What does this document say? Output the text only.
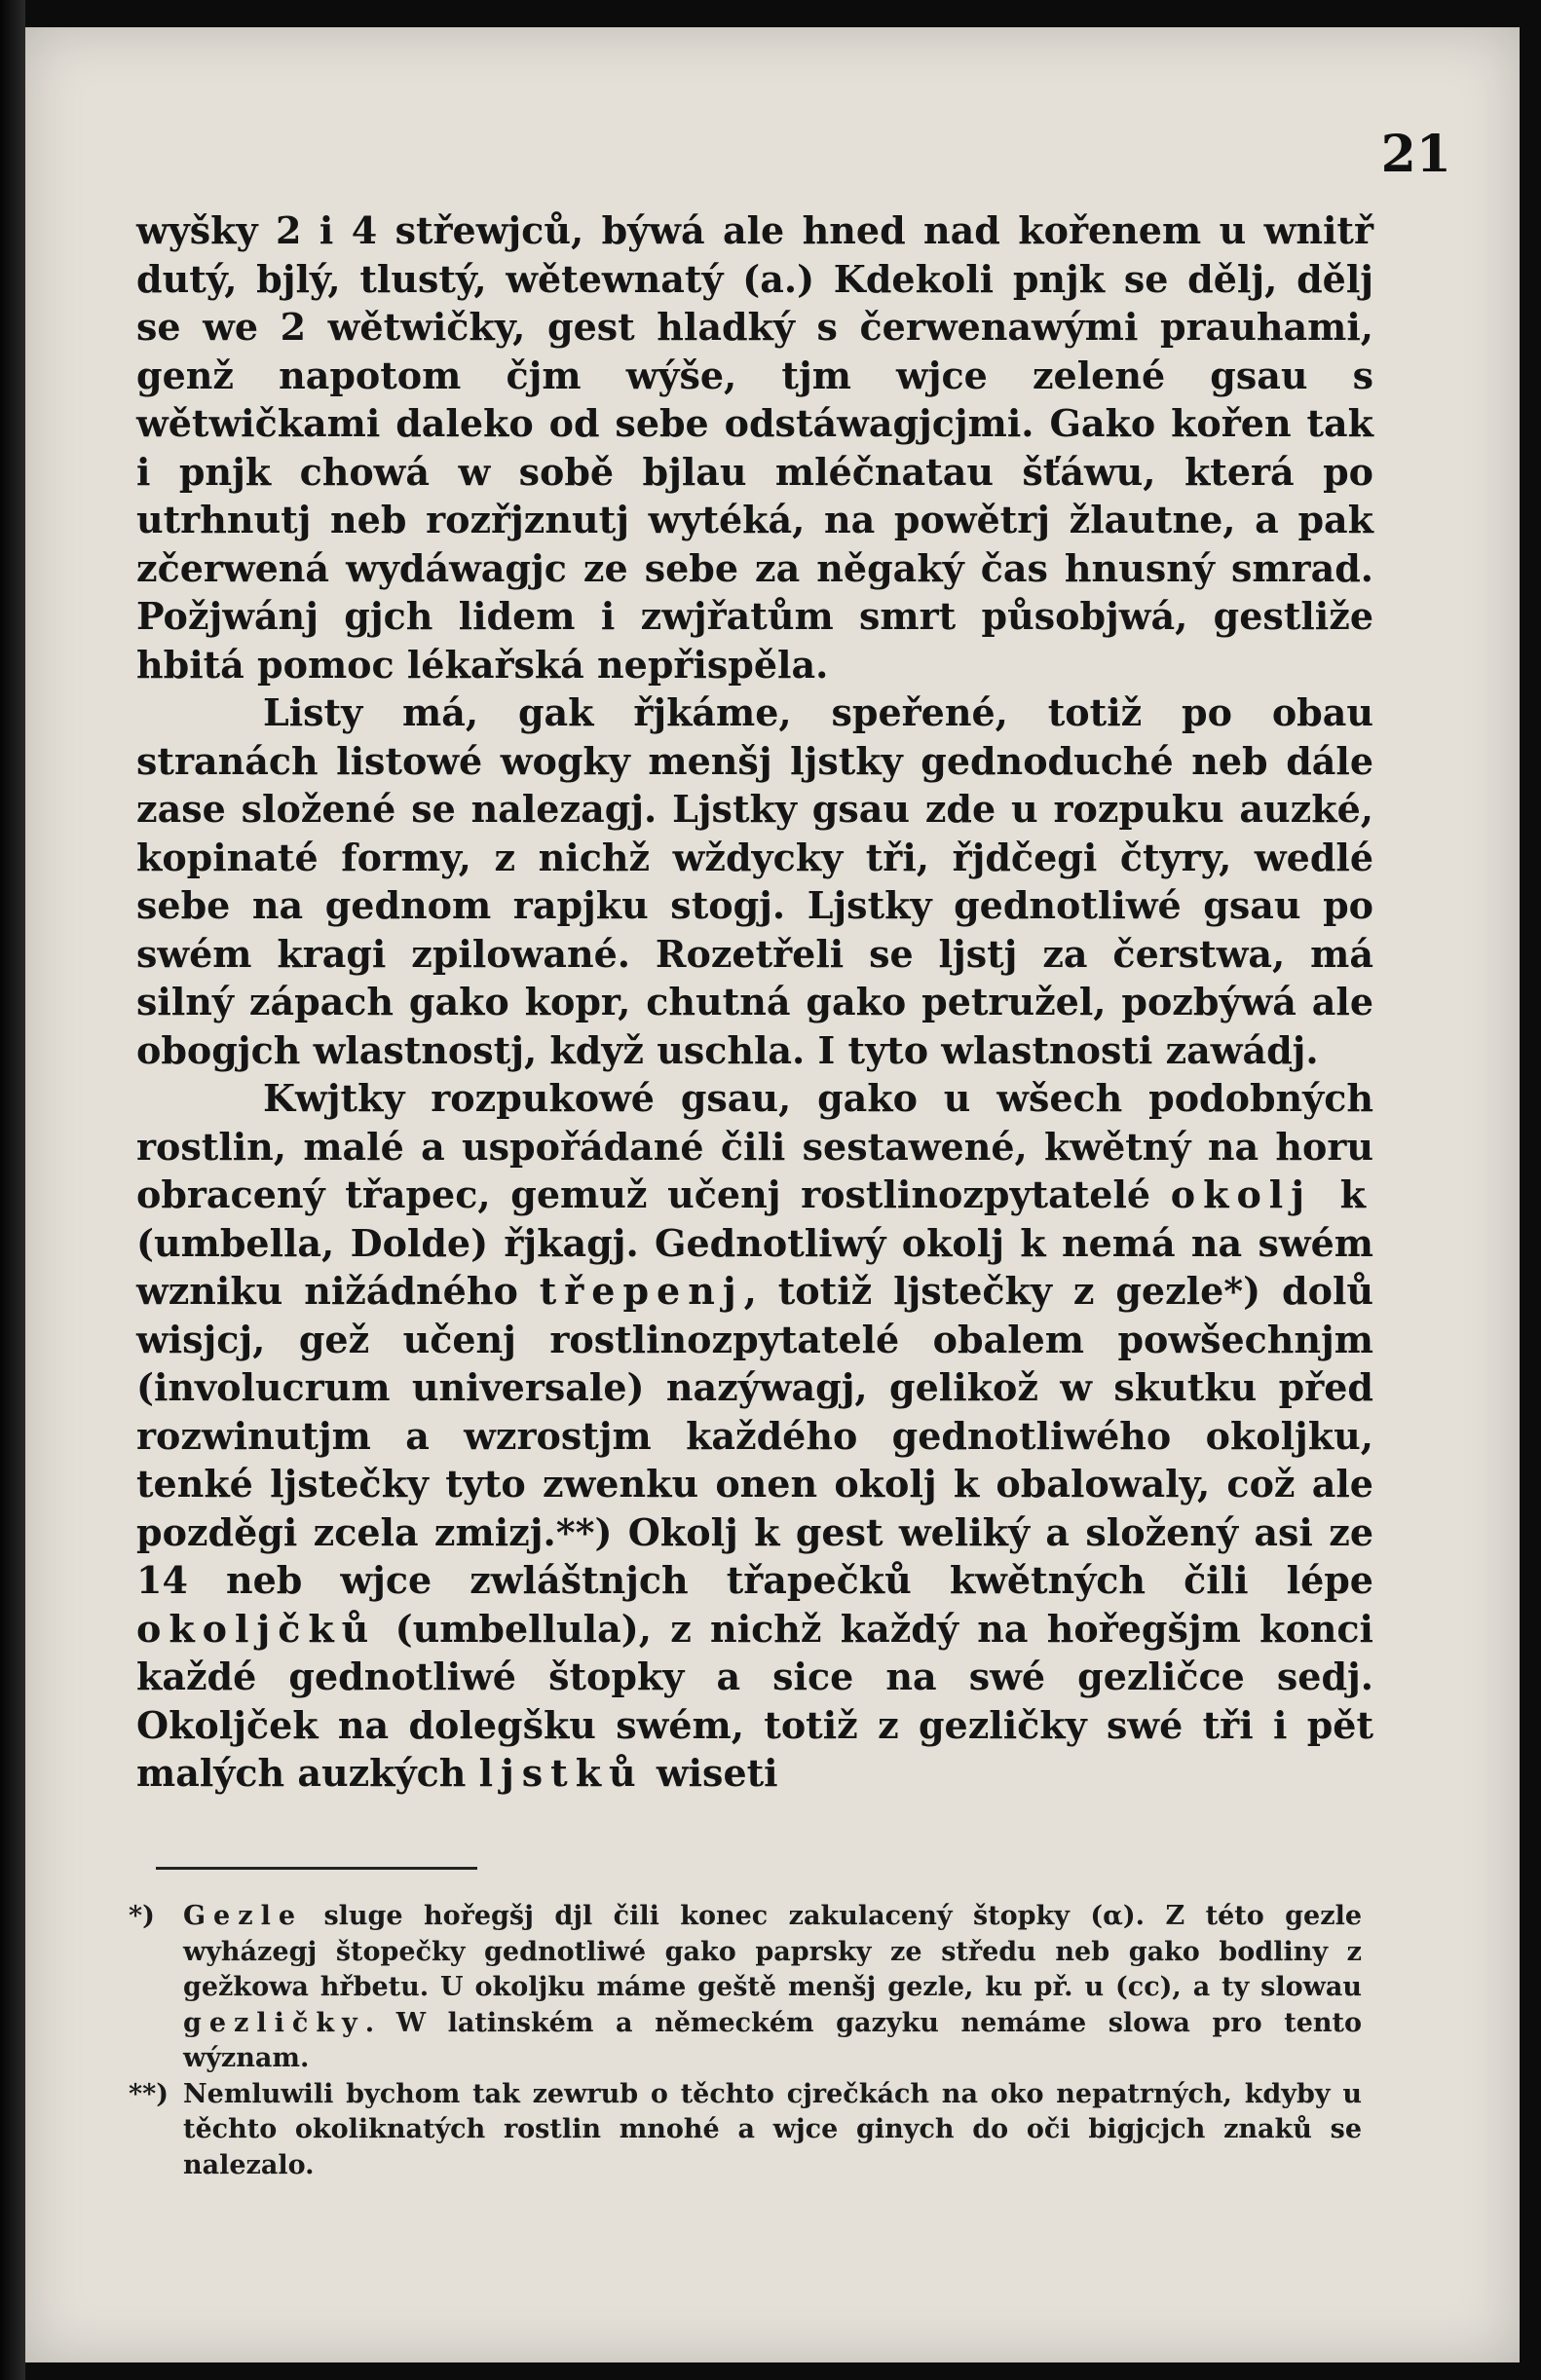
21

wyšky 2 i 4 střewjců, býwá ale hned nad kořenem u wnitř dutý, bjlý, tlustý, wětewnatý (a.) Kdekoli pnjk se dělj, dělj se we 2 wětwičky, gest hladký s čerwenawými prauhami, genž napotom čjm wýše, tjm wjce zelené gsau s wětwičkami daleko od sebe odstáwagjcjmi. Gako kořen tak i pnjk chowá w sobě bjlau mléčnatau šťáwu, která po utrhnutj neb rozřjznutj wytéká, na powětrj žlautne, a pak zčerwená wydáwagjc ze sebe za něgaký čas hnusný smrad. Požjwánj gjch lidem i zwjřatům smrt působjwá, gestliže hbitá pomoc lékařská nepřispěla.

Listy má, gak řjkáme, speřené, totiž po obau stranách listowé wogky menšj ljstky gednoduché neb dále zase složené se nalezagj. Ljstky gsau zde u rozpuku auzké, kopinaté formy, z nichž wždycky tři, řjdčegi čtyry, wedlé sebe na gednom rapjku stogj. Ljstky gednotliwé gsau po swém kragi zpilowané. Rozetřeli se ljstj za čerstwa, má silný zápach gako kopr, chutná gako petružel, pozbýwá ale obogjch wlastnostj, když uschla. I tyto wlastnosti zawádj.

Kwjtky rozpukowé gsau, gako u wšech podobných rostlin, malé a uspořádané čili sestawené, kwětný na horu obracený třapec, gemuž učenj rostlinozpytatelé okolj k (umbella, Dolde) řjkagj. Gednotliwý okolj k nemá na swém wzniku nižádného třepenj, totiž ljstečky z gezle*) dolů wisjcj, gež učenj rostlinozpytatelé obalem powšechnjm (involucrum universale) nazýwagj, gelikož w skutku před rozwinutjm a wzrostjm každého gednotliwého okoljku, tenké ljstečky tyto zwenku onen okolj k obalowaly, což ale pozděgi zcela zmizj.**) Okolj k gest weliký a složený asi ze 14 neb wjce zwláštnjch třapečků kwětných čili lépe okoljčků (umbellula), z nichž každý na hořegšjm konci každé gednotliwé štopky a sice na swé gezličce sedj. Okoljček na dolegšku swém, totiž z gezličky swé tři i pět malých auzkých ljstků wiseti

*) Gezle sluge hořegšj djl čili konec zakulacený štopky (α). Z této gezle wyházegj štopečky gednotliwé gako paprsky ze středu neb gako bodliny z gežkowa hřbetu. U okoljku máme geště menšj gezle, ku př. u (cc), a ty slowau gezličky. W latinském a německém gazyku nemáme slowa pro tento wýznam.

**) Nemluwili bychom tak zewrub o těchto cjrečkách na oko nepatrných, kdyby u těchto okoliknatých rostlin mnohé a wjce ginych do oči bigjcjch znaků se nalezalo.
